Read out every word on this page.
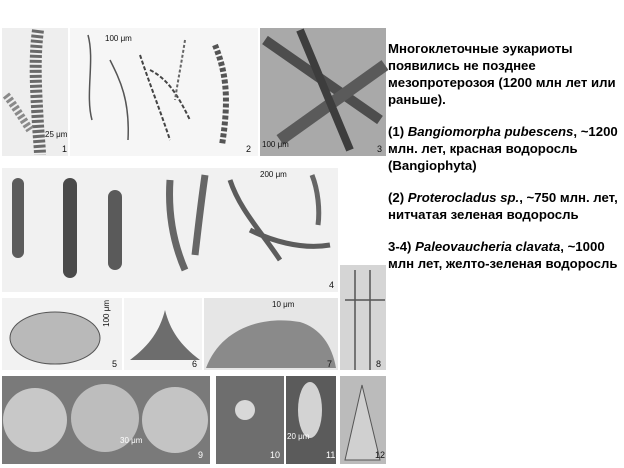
1	2	3
4
5	6	7	8
9	10	11	12
25 μm
100 μm
100 μm
200 μm
100 μm	10 μm
30 μm	20 μm

Многоклеточные эукариоты появились не позднее мезопротерозоя (1200 млн лет или раньше).

(1) Bangiomorpha pubescens, ~1200 млн. лет, красная водоросль (Bangiophyta)

(2) Proterocladus sp., ~750 млн. лет, нитчатая зеленая водоросль

3-4) Paleovaucheria clavata, ~1000 млн лет, желто-зеленая водоросль
